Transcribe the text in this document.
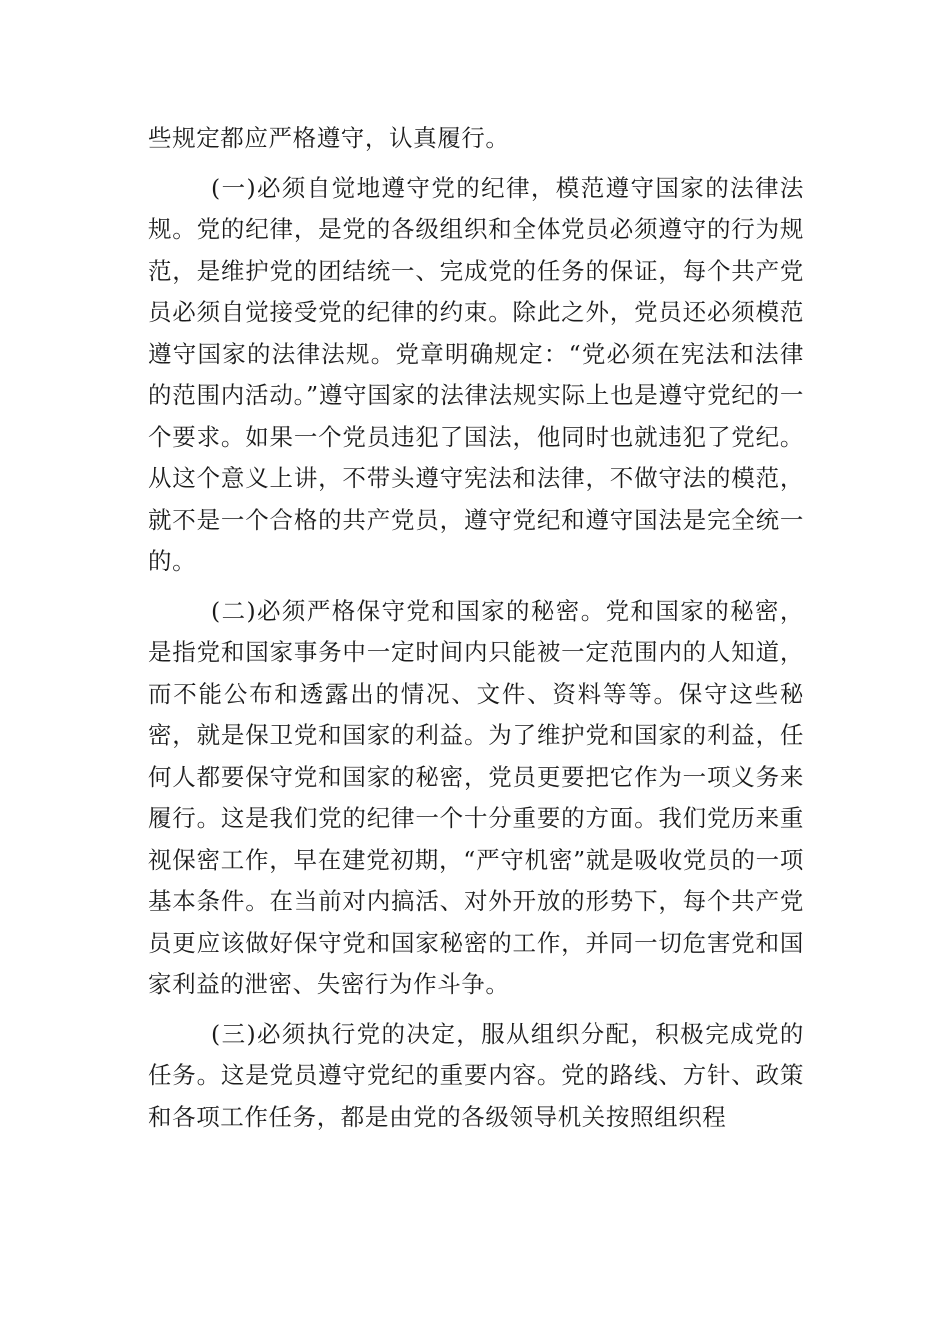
些规定都应严格遵守，认真履行。

(一)必须自觉地遵守党的纪律，模范遵守国家的法律法规。党的纪律，是党的各级组织和全体党员必须遵守的行为规范，是维护党的团结统一、完成党的任务的保证，每个共产党员必须自觉接受党的纪律的约束。除此之外，党员还必须模范遵守国家的法律法规。党章明确规定：“党必须在宪法和法律的范围内活动。”遵守国家的法律法规实际上也是遵守党纪的一个要求。如果一个党员违犯了国法，他同时也就违犯了党纪。从这个意义上讲，不带头遵守宪法和法律，不做守法的模范，就不是一个合格的共产党员，遵守党纪和遵守国法是完全统一的。

(二)必须严格保守党和国家的秘密。党和国家的秘密，是指党和国家事务中一定时间内只能被一定范围内的人知道，而不能公布和透露出的情况、文件、资料等等。保守这些秘密，就是保卫党和国家的利益。为了维护党和国家的利益，任何人都要保守党和国家的秘密，党员更要把它作为一项义务来履行。这是我们党的纪律一个十分重要的方面。我们党历来重视保密工作，早在建党初期，“严守机密”就是吸收党员的一项基本条件。在当前对内搞活、对外开放的形势下，每个共产党员更应该做好保守党和国家秘密的工作，并同一切危害党和国家利益的泄密、失密行为作斗争。

(三)必须执行党的决定，服从组织分配，积极完成党的任务。这是党员遵守党纪的重要内容。党的路线、方针、政策和各项工作任务，都是由党的各级领导机关按照组织程
